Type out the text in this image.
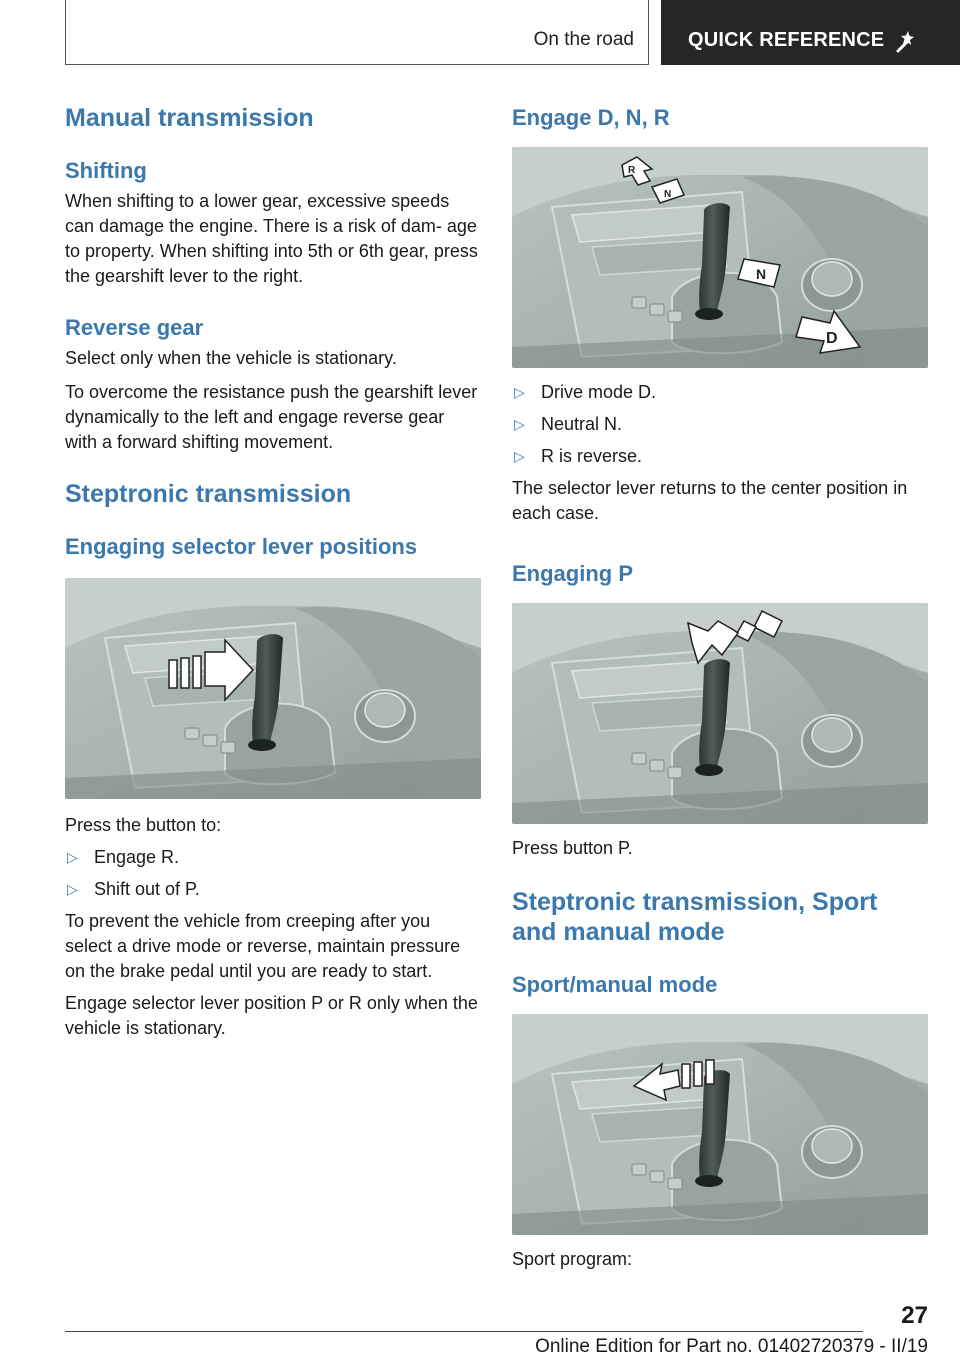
On the road	QUICK REFERENCE
Manual transmission
Shifting

When shifting to a lower gear, excessive speeds can damage the engine. There is a risk of dam- age to property. When shifting into 5th or 6th gear, press the gearshift lever to the right.

Reverse gear

Select only when the vehicle is stationary.

To overcome the resistance push the gearshift lever dynamically to the left and engage reverse gear with a forward shifting movement.

Steptronic transmission
Engaging selector lever positions

Press the button to:

▷ Engage R.
▷ Shift out of P.

To prevent the vehicle from creeping after you select a drive mode or reverse, maintain pressure on the brake pedal until you are ready to start.

Engage selector lever position P or R only when the vehicle is stationary.

Engage D, N, R
R
N
N
D
▷ Drive mode D.
▷ Neutral N.
▷ R is reverse.

The selector lever returns to the center position in each case.

Engaging P

Press button P.

Steptronic transmission, Sport and manual mode
Sport/manual mode

Sport program:

27
Online Edition for Part no. 01402720379 - II/19
